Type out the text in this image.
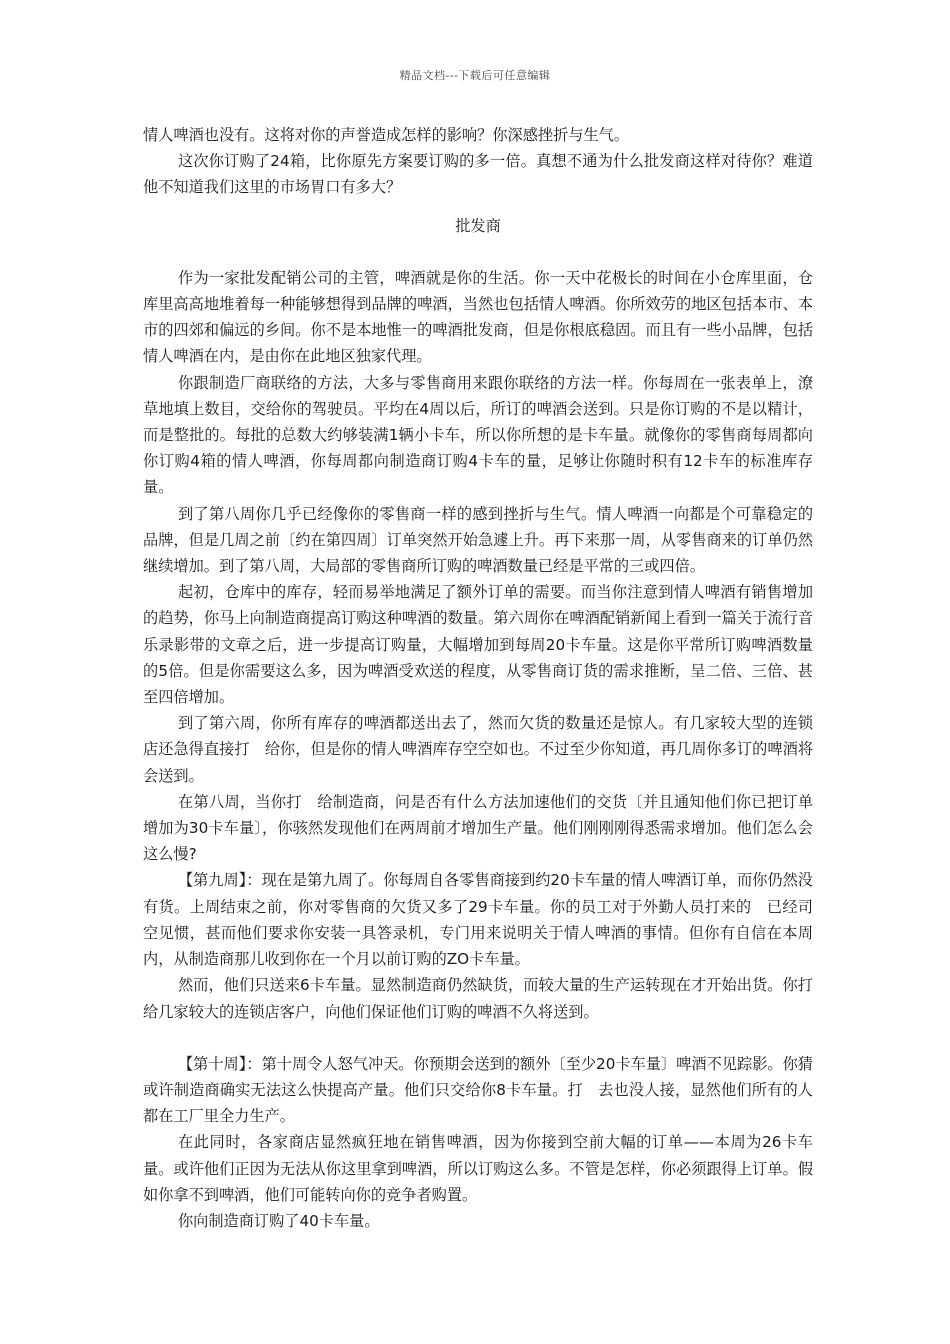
精品文档---下载后可任意编辑

情人啤酒也没有。这将对你的声誉造成怎样的影响？你深感挫折与生气。

这次你订购了24箱，比你原先方案要订购的多一倍。真想不通为什么批发商这样对待你？难道他不知道我们这里的市场胃口有多大？

批发商

作为一家批发配销公司的主管，啤酒就是你的生活。你一天中花极长的时间在小仓库里面，仓库里高高地堆着每一种能够想得到品牌的啤酒，当然也包括情人啤酒。你所效劳的地区包括本市、本市的四郊和偏远的乡间。你不是本地惟一的啤酒批发商，但是你根底稳固。而且有一些小品牌，包括情人啤酒在内，是由你在此地区独家代理。

你跟制造厂商联络的方法，大多与零售商用来跟你联络的方法一样。你每周在一张表单上，潦草地填上数目，交给你的驾驶员。平均在4周以后，所订的啤酒会送到。只是你订购的不是以精计，而是整批的。每批的总数大约够装满1辆小卡车，所以你所想的是卡车量。就像你的零售商每周都向你订购4箱的情人啤酒，你每周都向制造商订购4卡车的量，足够让你随时积有12卡车的标准库存量。

到了第八周你几乎已经像你的零售商一样的感到挫折与生气。情人啤酒一向都是个可靠稳定的品牌，但是几周之前〔约在第四周〕订单突然开始急遽上升。再下来那一周，从零售商来的订单仍然继续增加。到了第八周，大局部的零售商所订购的啤酒数量已经是平常的三或四倍。

起初，仓库中的库存，轻而易举地满足了额外订单的需要。而当你注意到情人啤酒有销售增加的趋势，你马上向制造商提高订购这种啤酒的数量。第六周你在啤酒配销新闻上看到一篇关于流行音乐录影带的文章之后，进一步提高订购量，大幅增加到每周20卡车量。这是你平常所订购啤酒数量的5倍。但是你需要这么多，因为啤酒受欢送的程度，从零售商订货的需求推断，呈二倍、三倍、甚至四倍增加。

到了第六周，你所有库存的啤酒都送出去了，然而欠货的数量还是惊人。有几家较大型的连锁店还急得直接打　给你，但是你的情人啤酒库存空空如也。不过至少你知道，再几周你多订的啤酒将会送到。

在第八周，当你打　给制造商，问是否有什么方法加速他们的交货〔并且通知他们你已把订单增加为30卡车量〕，你骇然发现他们在两周前才增加生产量。他们刚刚刚得悉需求增加。他们怎么会这么慢?

【第九周】：现在是第九周了。你每周自各零售商接到约20卡车量的情人啤酒订单，而你仍然没有货。上周结束之前，你对零售商的欠货又多了29卡车量。你的员工对于外勤人员打来的　已经司空见惯，甚而他们要求你安装一具答录机，专门用来说明关于情人啤酒的事情。但你有自信在本周内，从制造商那儿收到你在一个月以前订购的ZO卡车量。

然而，他们只送来6卡车量。显然制造商仍然缺货，而较大量的生产运转现在才开始出货。你打　给几家较大的连锁店客户，向他们保证他们订购的啤酒不久将送到。

【第十周】：第十周令人怒气冲天。你预期会送到的额外〔至少20卡车量〕啤酒不见踪影。你猜或许制造商确实无法这么快提高产量。他们只交给你8卡车量。打　去也没人接，显然他们所有的人都在工厂里全力生产。

在此同时，各家商店显然疯狂地在销售啤酒，因为你接到空前大幅的订单——本周为26卡车量。或许他们正因为无法从你这里拿到啤酒，所以订购这么多。不管是怎样，你必须跟得上订单。假如你拿不到啤酒，他们可能转向你的竞争者购置。

你向制造商订购了40卡车量。
